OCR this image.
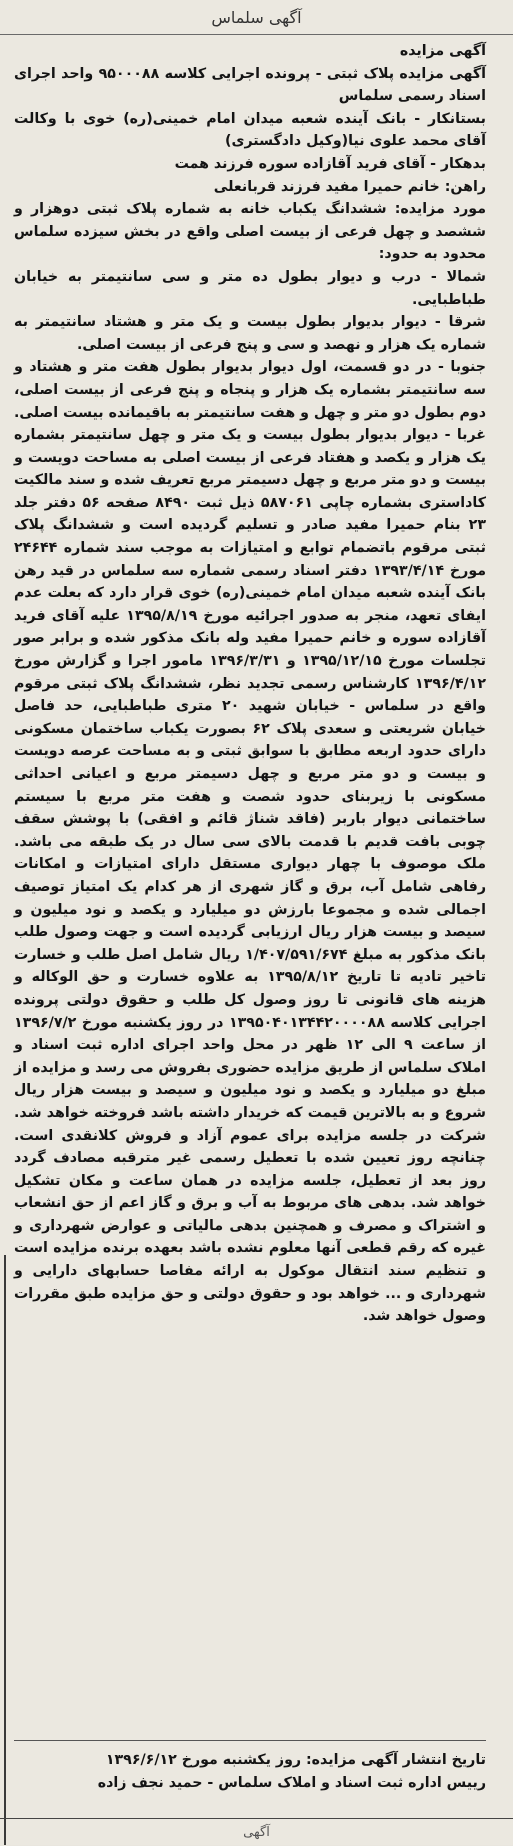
آگهی سلماس

آگهی مزایده

آگهی مزایده پلاک ثبتی - پرونده اجرایی کلاسه ۹۵۰۰۰۸۸ واحد اجرای اسناد رسمی سلماس

بستانکار - بانک آینده شعبه میدان امام خمینی(ره) خوی با وکالت آقای محمد علوی نیا(وکیل دادگستری)

بدهکار - آقای فرید آقازاده سوره فرزند همت

راهن: خانم حمیرا مفید فرزند قربانعلی

مورد مزایده: ششدانگ یکباب خانه به شماره پلاک ثبتی دوهزار و ششصد و چهل فرعی از بیست اصلی واقع در بخش سیزده سلماس محدود به حدود:

شمالا - درب و دیوار بطول ده متر و سی سانتیمتر به خیابان طباطبایی.

شرقا - دیوار بدیوار بطول بیست و یک متر و هشتاد سانتیمتر به شماره یک هزار و نهصد و سی و پنج فرعی از بیست اصلی.

جنوبا - در دو قسمت، اول دیوار بدیوار بطول هفت متر و هشتاد و سه سانتیمتر بشماره یک هزار و پنجاه و پنج فرعی از بیست اصلی، دوم بطول دو متر و چهل و هفت سانتیمتر به باقیمانده بیست اصلی.

غربا - دیوار بدیوار بطول بیست و یک متر و چهل سانتیمتر بشماره یک هزار و یکصد و هفتاد فرعی از بیست اصلی به مساحت دویست و بیست و دو متر مربع و چهل دسیمتر مربع تعریف شده و سند مالکیت کاداستری بشماره چاپی ۵۸۷۰۶۱ ذیل ثبت ۸۴۹۰ صفحه ۵۶ دفتر جلد ۲۳ بنام حمیرا مفید صادر و تسلیم گردیده است و ششدانگ پلاک ثبتی مرقوم باتضمام توابع و امتیازات به موجب سند شماره ۲۴۶۴۴ مورخ ۱۳۹۳/۴/۱۴ دفتر اسناد رسمی شماره سه سلماس در قید رهن بانک آینده شعبه میدان امام خمینی(ره) خوی قرار دارد که بعلت عدم ایفای تعهد، منجر به صدور اجرائیه مورخ ۱۳۹۵/۸/۱۹ علیه آقای فرید آقازاده سوره و خانم حمیرا مفید وله بانک مذکور شده و برابر صور تجلسات مورخ ۱۳۹۵/۱۲/۱۵ و ۱۳۹۶/۳/۳۱ مامور اجرا و گزارش مورخ ۱۳۹۶/۴/۱۲ کارشناس رسمی تجدید نظر، ششدانگ پلاک ثبتی مرقوم واقع در سلماس - خیابان شهید ۲۰ متری طباطبایی، حد فاصل خیابان شریعتی و سعدی پلاک ۶۲ بصورت یکباب ساختمان مسکونی دارای حدود اربعه مطابق با سوابق ثبتی و به مساحت عرصه دویست و بیست و دو متر مربع و چهل دسیمتر مربع و اعیانی احداثی مسکونی با زیربنای حدود شصت و هفت متر مربع با سیستم ساختمانی دیوار باربر (فاقد شناژ قائم و افقی) با پوشش سقف چوبی بافت قدیم با قدمت بالای سی سال در یک طبقه می باشد. ملک موصوف با چهار دیواری مستقل دارای امتیازات و امکانات رفاهی شامل آب، برق و گاز شهری از هر کدام یک امتیاز توصیف اجمالی شده و مجموعا بارزش دو میلیارد و یکصد و نود میلیون و سیصد و بیست هزار ریال ارزیابی گردیده است و جهت وصول طلب بانک مذکور به مبلغ ۱/۴۰۷/۵۹۱/۶۷۴ ریال شامل اصل طلب و خسارت تاخیر تادیه تا تاریخ ۱۳۹۵/۸/۱۲ به علاوه خسارت و حق الوکاله و هزینه های قانونی تا روز وصول کل طلب و حقوق دولتی پرونده اجرایی کلاسه ۱۳۹۵۰۴۰۱۳۴۴۲۰۰۰۰۸۸ در روز یکشنبه مورخ ۱۳۹۶/۷/۲ از ساعت ۹ الی ۱۲ ظهر در محل واحد اجرای اداره ثبت اسناد و املاک سلماس از طریق مزایده حضوری بفروش می رسد و مزایده از مبلغ دو میلیارد و یکصد و نود میلیون و سیصد و بیست هزار ریال شروع و به بالاترین قیمت که خریدار داشته باشد فروخته خواهد شد. شرکت در جلسه مزایده برای عموم آزاد و فروش کلانقدی است. چنانچه روز تعیین شده با تعطیل رسمی غیر مترقبه مصادف گردد روز بعد از تعطیل، جلسه مزایده در همان ساعت و مکان تشکیل خواهد شد. بدهی های مربوط به آب و برق و گاز اعم از حق انشعاب و اشتراک و مصرف و همچنین بدهی مالیاتی و عوارض شهرداری و غیره که رقم قطعی آنها معلوم نشده باشد بعهده برنده مزایده است و تنظیم سند انتقال موکول به ارائه مفاصا حسابهای دارایی و شهرداری و ... خواهد بود و حقوق دولتی و حق مزایده طبق مقررات وصول خواهد شد.

تاریخ انتشار آگهی مزایده: روز یکشنبه مورخ ۱۳۹۶/۶/۱۲
رییس اداره ثبت اسناد و املاک سلماس - حمید نجف زاده
آگهی
